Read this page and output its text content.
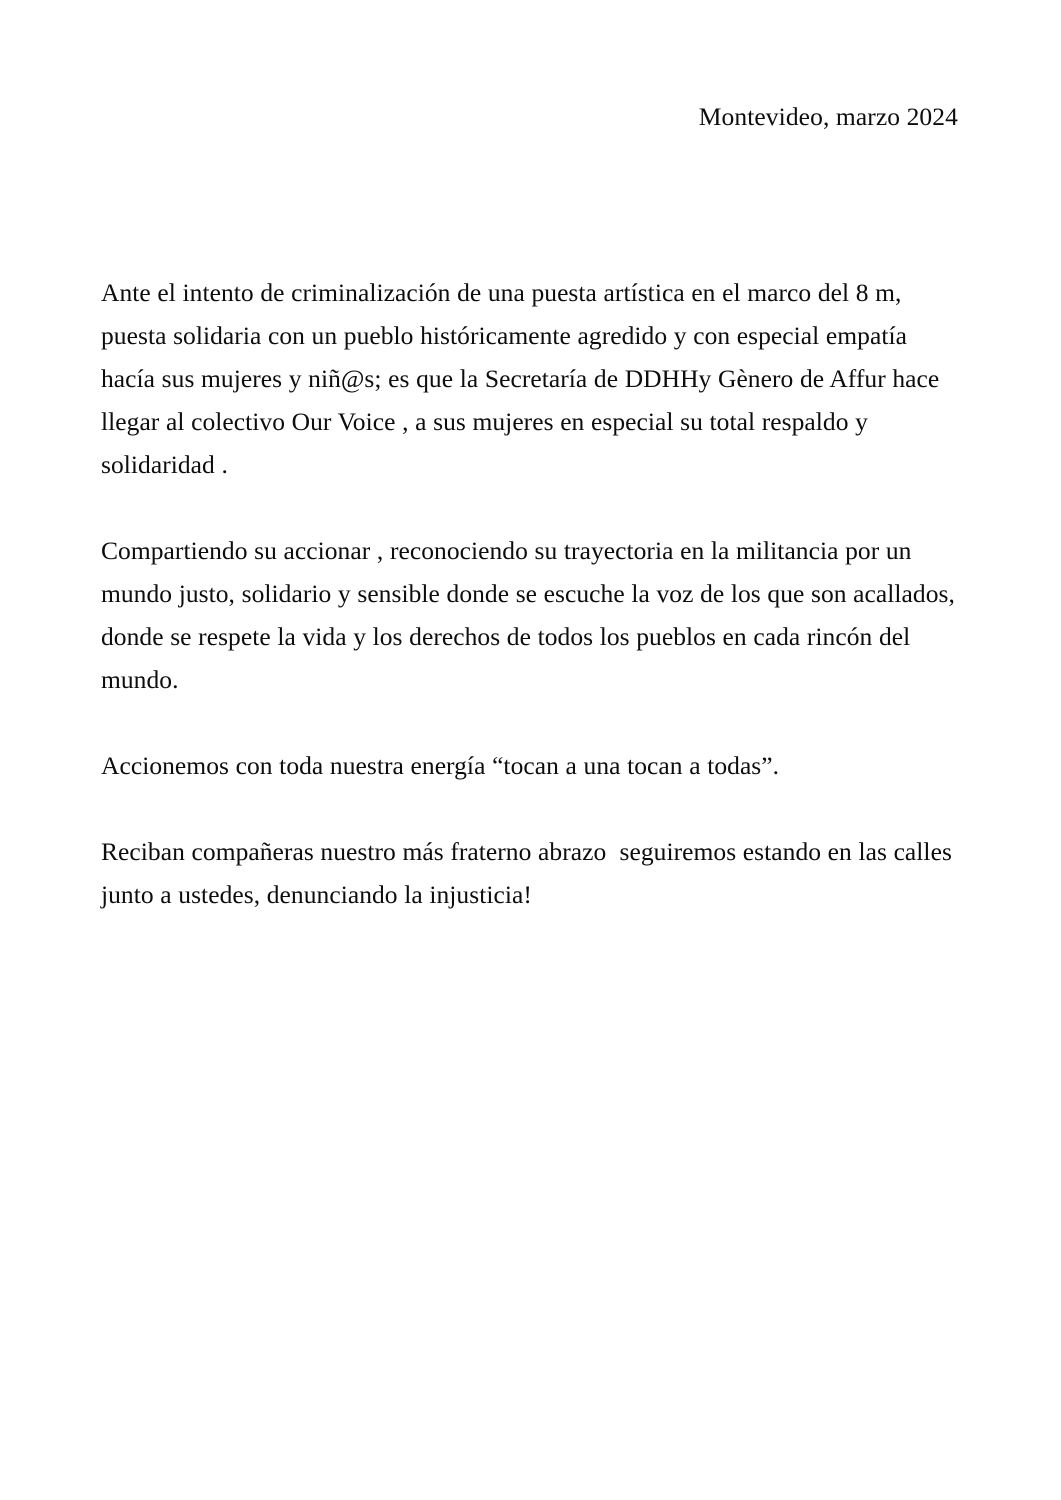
Montevideo, marzo 2024

Ante el intento de criminalización de una puesta artística en el marco del 8 m, puesta solidaria con un pueblo históricamente agredido y con especial empatía hacía sus mujeres y niñ@s; es que la Secretaría de DDHHy Gènero de Affur hace llegar al colectivo Our Voice , a sus mujeres en especial su total respaldo y solidaridad .

Compartiendo su accionar , reconociendo su trayectoria en la militancia por un mundo justo, solidario y sensible donde se escuche la voz de los que son acallados, donde se respete la vida y los derechos de todos los pueblos en cada rincón del mundo.

Accionemos con toda nuestra energía “tocan a una tocan a todas”.

Reciban compañeras nuestro más fraterno abrazo  seguiremos estando en las calles junto a ustedes, denunciando la injusticia!
